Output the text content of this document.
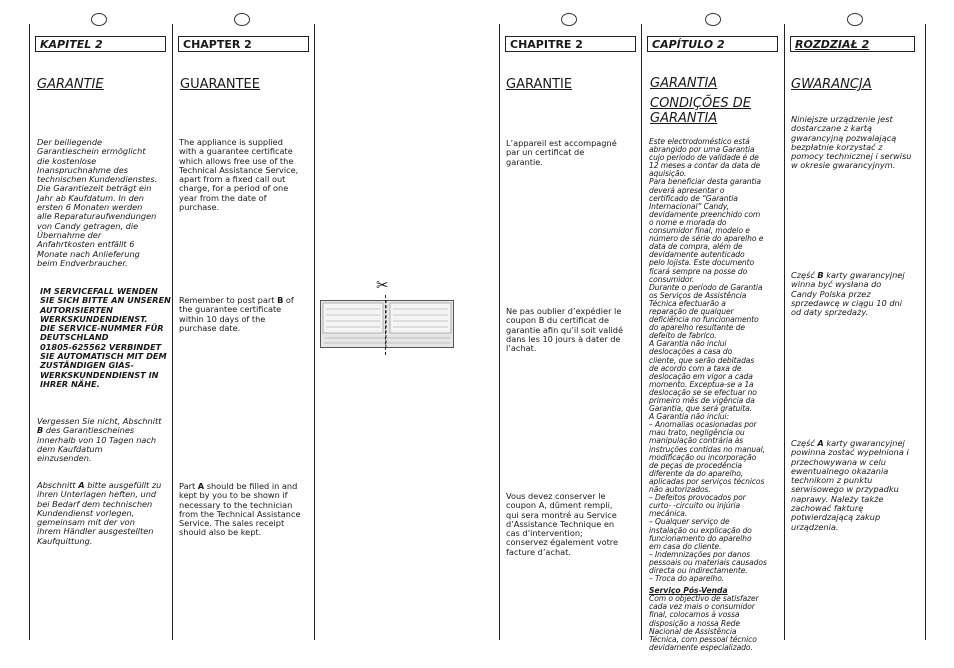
KAPITEL 2
GARANTIE

Der beiliegende
Garantieschein ermöglicht
die kostenlose
Inanspruchnahme des
technischen Kundendienstes.
Die Garantiezeit beträgt ein
Jahr ab Kaufdatum. In den
ersten 6 Monaten werden
alle Reparaturaufwendungen
von Candy getragen, die
Übernahme der
Anfahrtkosten entfällt 6
Monate nach Anlieferung
beim Endverbraucher.

IM SERVICEFALL WENDEN
SIE SICH BITTE AN UNSEREN
AUTORISIERTEN
WERKSKUNDENDIENST.
DIE SERVICE-NUMMER FÜR
DEUTSCHLAND
01805-625562 VERBINDET
SIE AUTOMATISCH MIT DEM
ZUSTÄNDIGEN GIAS-
WERKSKUNDENDIENST IN
IHRER NÄHE.

Vergessen Sie nicht, Abschnitt
B des Garantiescheines
innerhalb von 10 Tagen nach
dem Kaufdatum
einzusenden.

Abschnitt A bitte ausgefüllt zu
ihren Unterlagen heften, und
bei Bedarf dem technischen
Kundendienst vorlegen,
gemeinsam mit der von
ihrem Händler ausgestellten
Kaufquittung.

CHAPTER 2
GUARANTEE

The appliance is supplied
with a guarantee certificate
which allows free use of the
Technical Assistance Service,
apart from a fixed call out
charge, for a period of one
year from the date of
purchase.

Remember to post part B of
the guarantee certificate
within 10 days of the
purchase date.

Part A should be filled in and
kept by you to be shown if
necessary to the technician
from the Technical Assistance
Service. The sales receipt
should also be kept.

✂
CHAPITRE 2
GARANTIE

L’appareil est accompagné
par un certificat de
garantie.

Ne pas oublier d’expédier le
coupon B du certificat de
garantie afin qu’il soit validé
dans les 10 jours à dater de
l’achat.

Vous devez conserver le
coupon A, dûment rempli,
qui sera montré au Service
d’Assistance Technique en
cas d’intervention;
conservez également votre
facture d’achat.

CAPÍTULO 2
GARANTIA
CONDIÇÕES DE
GARANTIA

Este electrodoméstico está
abrangido por uma Garantia
cujo período de validade é de
12 meses a contar da data de
aquisição.
Para beneficiar desta garantia
deverá apresentar o
certificado de “Garantia
Internacional” Candy,
devidamente preenchido com
o nome e morada do
consumidor final, modelo e
número de série do aparelho e
data de compra, além de
devidamente autenticado
pelo lojista. Este documento
ficará sempre na posse do
consumidor.
Durante o período de Garantia
os Serviços de Assistência
Técnica efectuarão a
reparação de qualquer
deficiência no funcionamento
do aparelho resultante de
defeito de fabrico.
A Garantia não inclui
deslocações a casa do
cliente, que serão debitadas
de acordo com a taxa de
deslocação em vigor a cada
momento. Exceptua-se a 1a
deslocação se se efectuar no
primeiro mês de vigência da
Garantia, que será gratuita.
A Garantia não inclui:
– Anomalias ocasionadas por
mau trato, negligência ou
manipulação contrária às
instruções contidas no manual,
modificação ou incorporação
de peças de procedência
diferente da do aparelho,
aplicadas por serviços técnicos
não autorizados.
– Defeitos provocados por
curto- -circuito ou injúria
mecânica.
– Qualquer serviço de
instalação ou explicação do
funcionamento do aparelho
em casa do cliente.
– Indemnizações por danos
pessoais ou materiais causados
directa ou indirectamente.
– Troca do aparelho.

Serviço Pós-Venda

Com o objectivo de satisfazer
cada vez mais o consumidor
final, colocamos à vossa
disposição a nossa Rede
Nacional de Assistência
Técnica, com pessoal técnico
devidamente especializado.

ROZDZIAŁ 2
GWARANCJA

Niniejsze urządzenie jest
dostarczane z kartą
gwarancyjną pozwalającą
bezpłatnie korzystać z
pomocy technicznej i serwisu
w okresie gwarancyjnym.

Część B karty gwarancyjnej
winna być wysłana do
Candy Polska przez
sprzedawcę w ciągu 10 dni
od daty sprzedaży.

Część A karty gwarancyjnej
powinna zostać wypełniona i
przechowywana w celu
ewentualnego okazania
technikom z punktu
serwisowego w przypadku
naprawy. Należy także
zachować fakturę
potwierdzającą zakup
urządzenia.
